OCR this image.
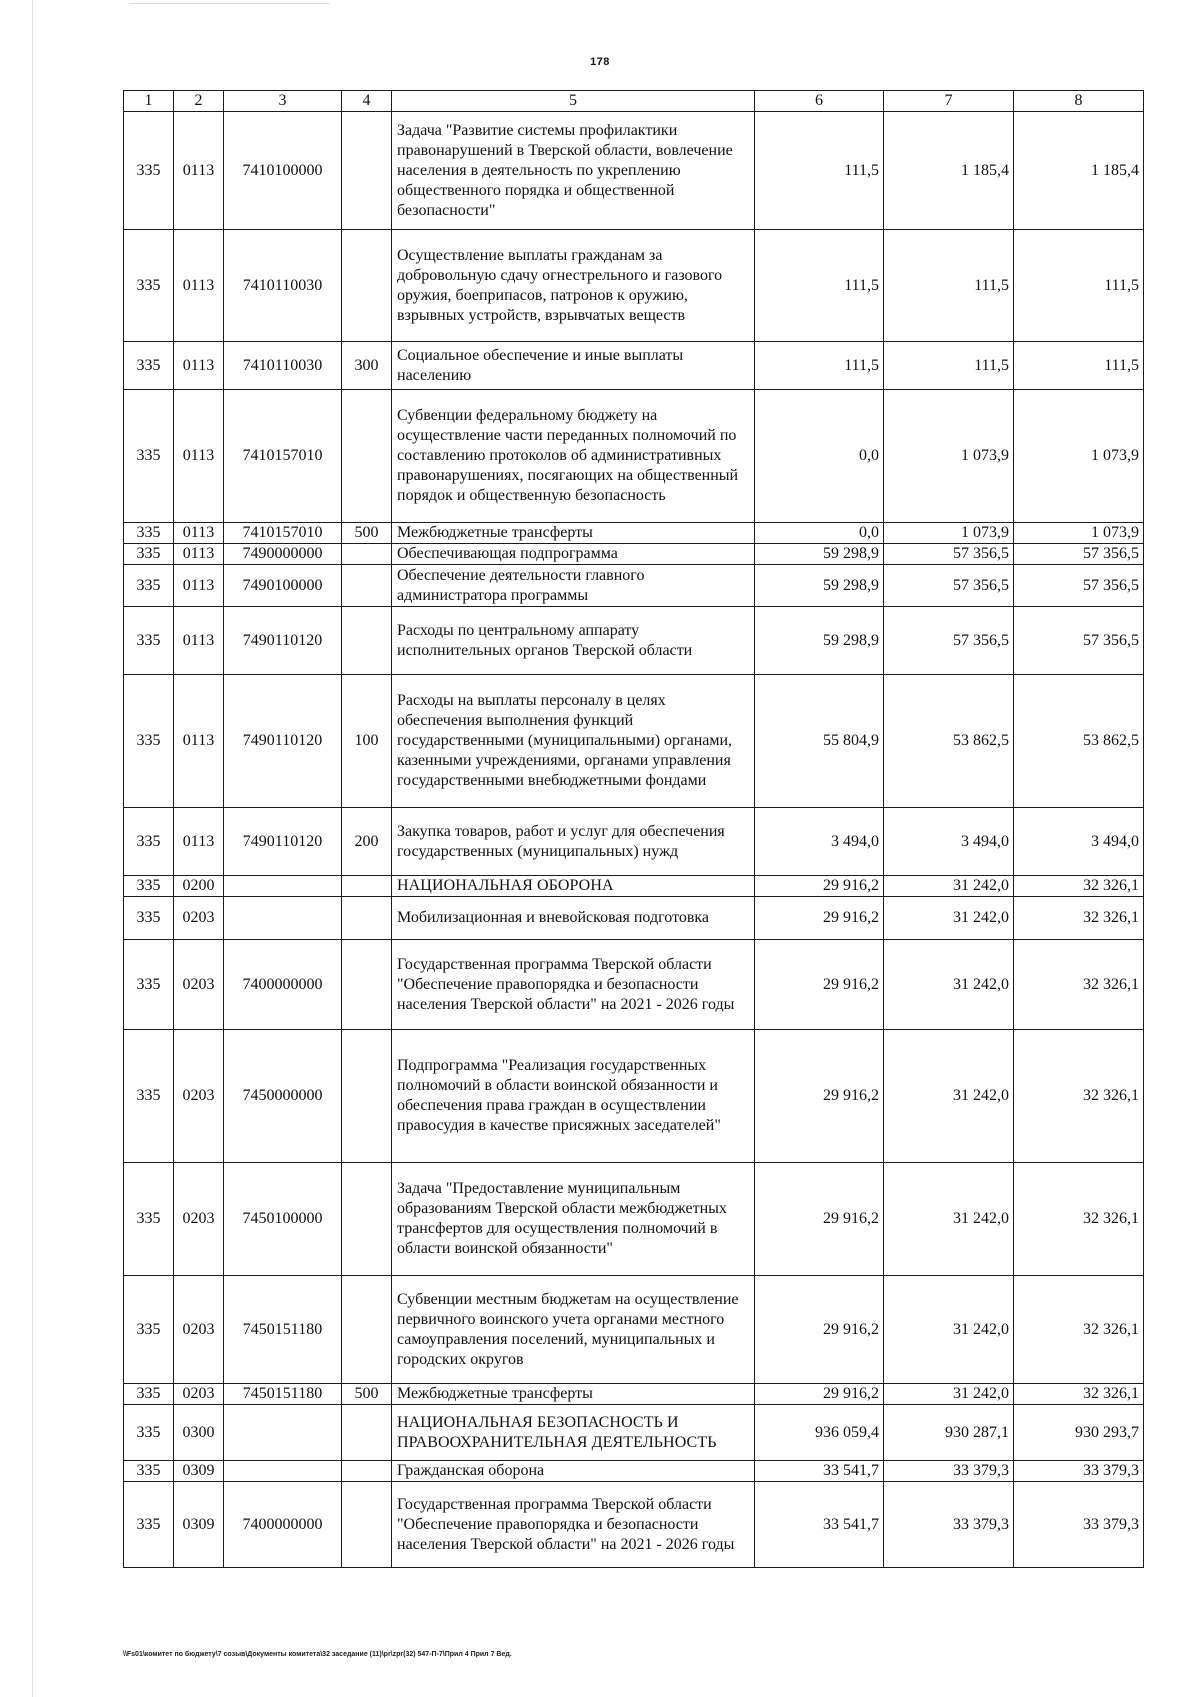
178
1	2	3	4	5	6	7	8
335	0113	7410100000		Задача "Развитие системы профилактики правонарушений в Тверской области, вовлечение населения в деятельность по укреплению общественного порядка и общественной безопасности"	111,5	1 185,4	1 185,4
335	0113	7410110030		Осуществление выплаты гражданам за добровольную сдачу огнестрельного и газового оружия, боеприпасов, патронов к оружию, взрывных устройств, взрывчатых веществ	111,5	111,5	111,5
335	0113	7410110030	300	Социальное обеспечение и иные выплаты населению	111,5	111,5	111,5
335	0113	7410157010		Субвенции федеральному бюджету на осуществление части переданных полномочий по составлению протоколов об административных правонарушениях, посягающих на общественный порядок и общественную безопасность	0,0	1 073,9	1 073,9
335	0113	7410157010	500	Межбюджетные трансферты	0,0	1 073,9	1 073,9
335	0113	7490000000		Обеспечивающая подпрограмма	59 298,9	57 356,5	57 356,5
335	0113	7490100000		Обеспечение деятельности главного администратора программы	59 298,9	57 356,5	57 356,5
335	0113	7490110120		Расходы по центральному аппарату исполнительных органов Тверской области	59 298,9	57 356,5	57 356,5
335	0113	7490110120	100	Расходы на выплаты персоналу в целях обеспечения выполнения функций государственными (муниципальными) органами, казенными учреждениями, органами управления государственными внебюджетными фондами	55 804,9	53 862,5	53 862,5
335	0113	7490110120	200	Закупка товаров, работ и услуг для обеспечения государственных (муниципальных) нужд	3 494,0	3 494,0	3 494,0
335	0200			НАЦИОНАЛЬНАЯ ОБОРОНА	29 916,2	31 242,0	32 326,1
335	0203			Мобилизационная и вневойсковая подготовка	29 916,2	31 242,0	32 326,1
335	0203	7400000000		Государственная программа Тверской области "Обеспечение правопорядка и безопасности населения Тверской области" на 2021 - 2026 годы	29 916,2	31 242,0	32 326,1
335	0203	7450000000		Подпрограмма "Реализация государственных полномочий в области воинской обязанности и обеспечения права граждан в осуществлении правосудия в качестве присяжных заседателей"	29 916,2	31 242,0	32 326,1
335	0203	7450100000		Задача "Предоставление муниципальным образованиям Тверской области межбюджетных трансфертов для осуществления полномочий в области воинской обязанности"	29 916,2	31 242,0	32 326,1
335	0203	7450151180		Субвенции местным бюджетам на осуществление первичного воинского учета органами местного самоуправления поселений, муниципальных и городских округов	29 916,2	31 242,0	32 326,1
335	0203	7450151180	500	Межбюджетные трансферты	29 916,2	31 242,0	32 326,1
335	0300			НАЦИОНАЛЬНАЯ БЕЗОПАСНОСТЬ И ПРАВООХРАНИТЕЛЬНАЯ ДЕЯТЕЛЬНОСТЬ	936 059,4	930 287,1	930 293,7
335	0309			Гражданская оборона	33 541,7	33 379,3	33 379,3
335	0309	7400000000		Государственная программа Тверской области "Обеспечение правопорядка и безопасности населения Тверской области" на 2021 - 2026 годы	33 541,7	33 379,3	33 379,3
\\Fs01\комитет по бюджету\7 созыв\Документы комитета\32 заседание (11)\pr\zpr(32) 547-П-7\Прил 4 Прил 7 Вед.
